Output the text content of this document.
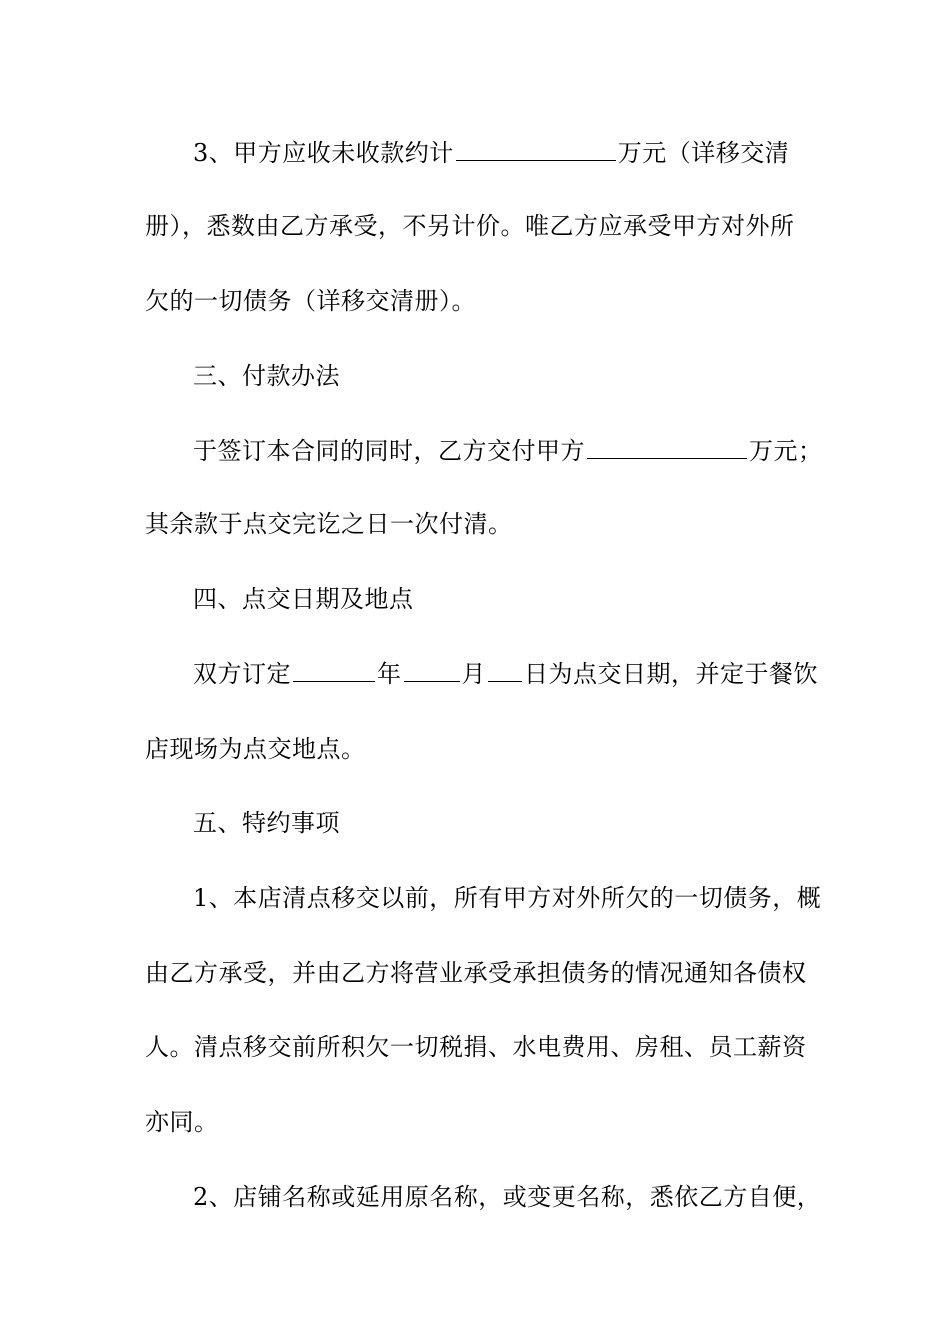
3、甲方应收未收款约计	万元（详移交清
册），悉数由乙方承受，不另计价。唯乙方应承受甲方对外所
欠的一切债务（详移交清册）。
三、付款办法
于签订本合同的同时，乙方交付甲方	万元；
其余款于点交完讫之日一次付清。
四、点交日期及地点
双方订定	年	月 日为点交日期，并定于餐饮
店现场为点交地点。
五、特约事项
1、本店清点移交以前，所有甲方对外所欠的一切债务，概
由乙方承受，并由乙方将营业承受承担债务的情况通知各债权
人。清点移交前所积欠一切税捐、水电费用、房租、员工薪资
亦同。
2、店铺名称或延用原名称，或变更名称，悉依乙方自便，
